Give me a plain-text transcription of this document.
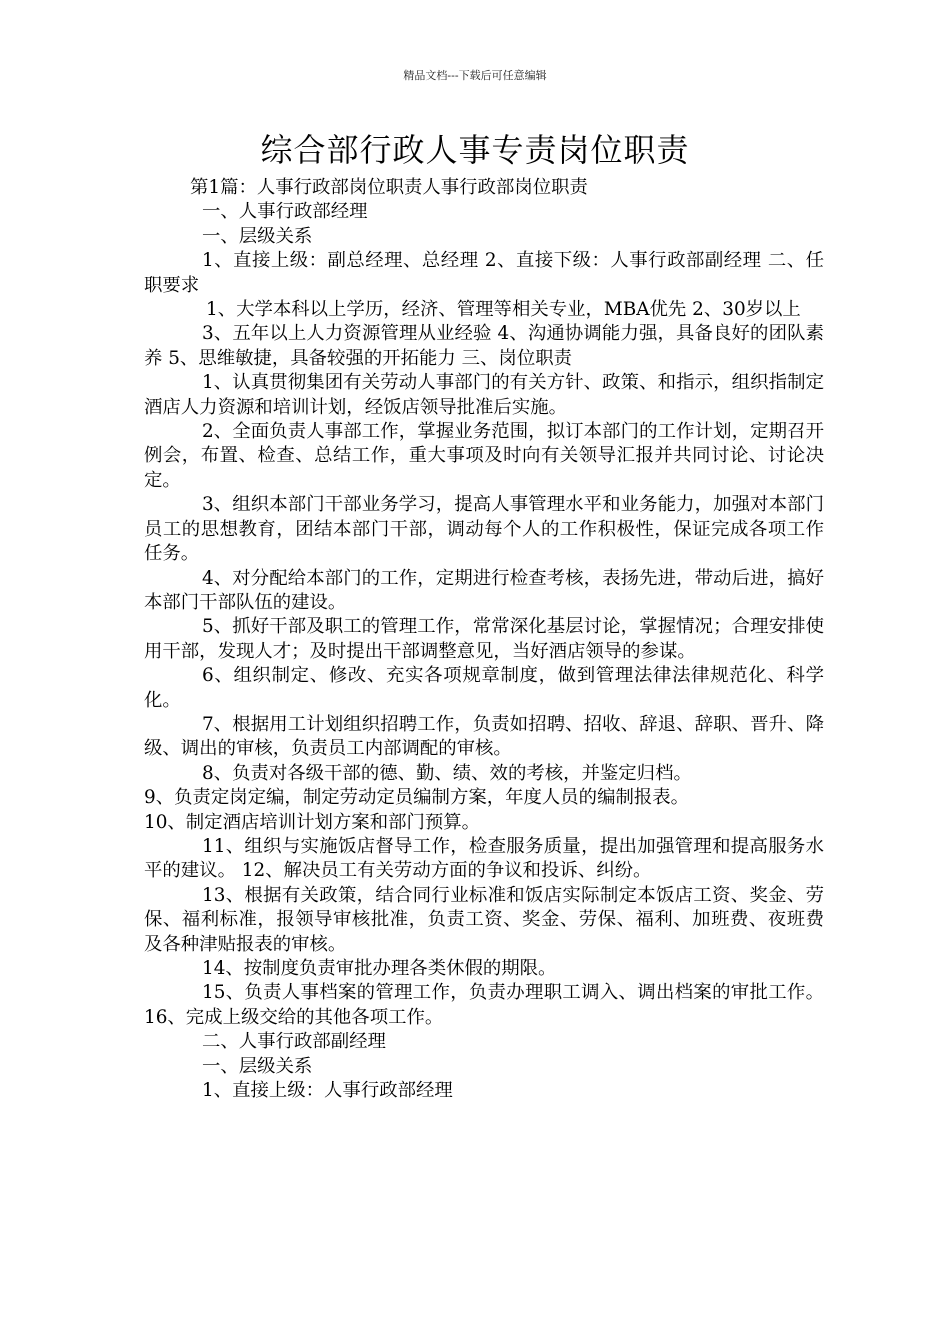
精品文档---下载后可任意编辑
综合部行政人事专责岗位职责

第1篇：人事行政部岗位职责人事行政部岗位职责

一、人事行政部经理

一、层级关系

1、直接上级：副总经理、总经理 2、直接下级：人事行政部副经理 二、任职要求

1、大学本科以上学历，经济、管理等相关专业，MBA优先 2、30岁以上

3、五年以上人力资源管理从业经验 4、沟通协调能力强，具备良好的团队素养 5、思维敏捷，具备较强的开拓能力 三、岗位职责

1、认真贯彻集团有关劳动人事部门的有关方针、政策、和指示，组织指制定酒店人力资源和培训计划，经饭店领导批准后实施。

2、全面负责人事部工作，掌握业务范围，拟订本部门的工作计划，定期召开例会，布置、检查、总结工作，重大事项及时向有关领导汇报并共同讨论、讨论决定。

3、组织本部门干部业务学习，提高人事管理水平和业务能力，加强对本部门员工的思想教育，团结本部门干部，调动每个人的工作积极性，保证完成各项工作任务。

4、对分配给本部门的工作，定期进行检查考核，表扬先进，带动后进，搞好本部门干部队伍的建设。

5、抓好干部及职工的管理工作，常常深化基层讨论，掌握情况；合理安排使用干部，发现人才；及时提出干部调整意见，当好酒店领导的参谋。

6、组织制定、修改、充实各项规章制度，做到管理法律法律规范化、科学化。

7、根据用工计划组织招聘工作，负责如招聘、招收、辞退、辞职、晋升、降级、调出的审核，负责员工内部调配的审核。

8、负责对各级干部的德、勤、绩、效的考核，并鉴定归档。

9、负责定岗定编，制定劳动定员编制方案，年度人员的编制报表。

10、制定酒店培训计划方案和部门预算。

11、组织与实施饭店督导工作，检查服务质量，提出加强管理和提高服务水平的建议。 12、解决员工有关劳动方面的争议和投诉、纠纷。

13、根据有关政策，结合同行业标准和饭店实际制定本饭店工资、奖金、劳保、福利标准，报领导审核批准，负责工资、奖金、劳保、福利、加班费、夜班费及各种津贴报表的审核。

14、按制度负责审批办理各类休假的期限。

15、负责人事档案的管理工作，负责办理职工调入、调出档案的审批工作。 16、完成上级交给的其他各项工作。

二、人事行政部副经理

一、层级关系

1、直接上级：人事行政部经理
